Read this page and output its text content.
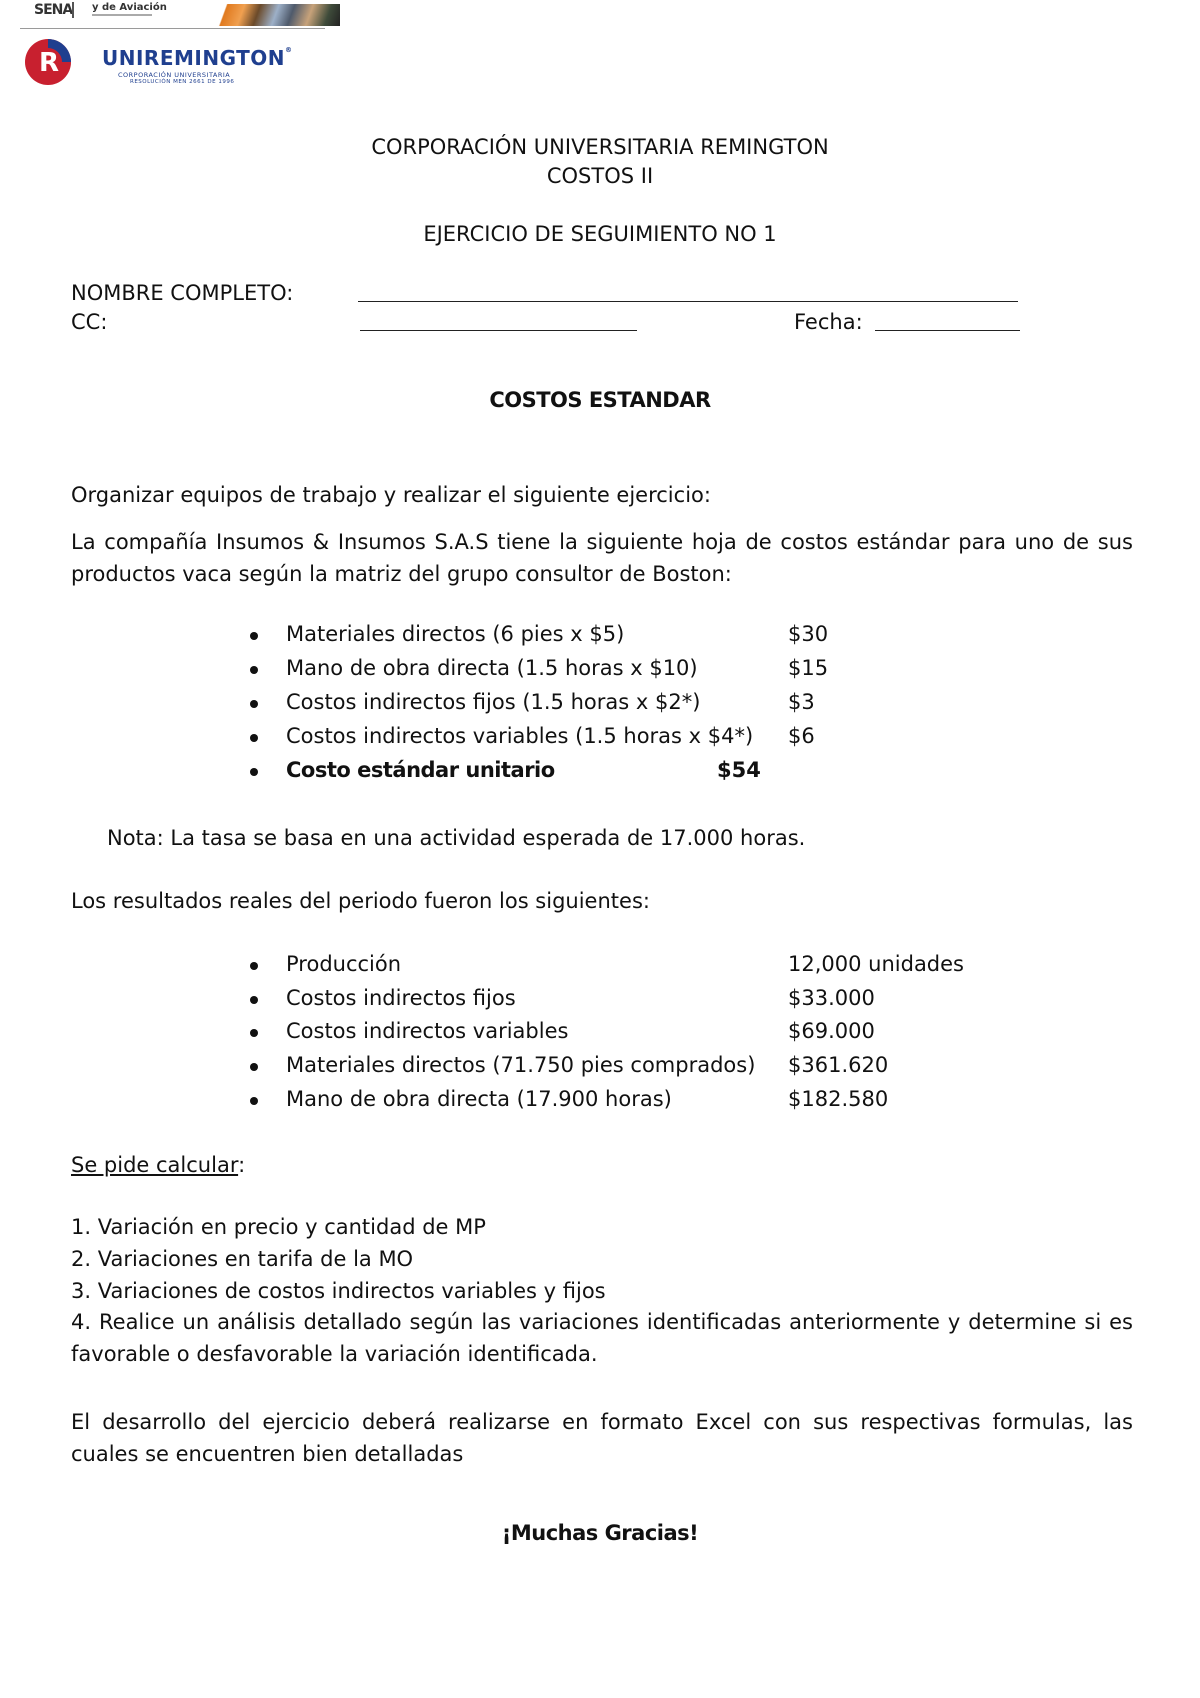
SENA y de Aviación
R UNIREMINGTON®
CORPORACIÓN UNIVERSITARIA
RESOLUCIÓN MEN 2661 DE 1996
CORPORACIÓN UNIVERSITARIA REMINGTON
COSTOS II
EJERCICIO DE SEGUIMIENTO NO 1
NOMBRE COMPLETO:
CC:	Fecha:
COSTOS ESTANDAR
Organizar equipos de trabajo y realizar el siguiente ejercicio:
La compañía Insumos & Insumos S.A.S tiene la siguiente hoja de costos estándar para uno de sus productos vaca según la matriz del grupo consultor de Boston:
Materiales directos (6 pies x $5)	$30
Mano de obra directa (1.5 horas x $10)	$15
Costos indirectos fijos (1.5 horas x $2*)	$3
Costos indirectos variables (1.5 horas x $4*) $6
Costo estándar unitario	$54
Nota: La tasa se basa en una actividad esperada de 17.000 horas.
Los resultados reales del periodo fueron los siguientes:
Producción	12,000 unidades
Costos indirectos fijos	$33.000
Costos indirectos variables	$69.000
Materiales directos (71.750 pies comprados) $361.620
Mano de obra directa (17.900 horas)	$182.580
Se pide calcular:
1. Variación en precio y cantidad de MP
2. Variaciones en tarifa de la MO
3. Variaciones de costos indirectos variables y fijos
4. Realice un análisis detallado según las variaciones identificadas anteriormente y determine si es favorable o desfavorable la variación identificada.
El desarrollo del ejercicio deberá realizarse en formato Excel con sus respectivas formulas, las cuales se encuentren bien detalladas
¡Muchas Gracias!
